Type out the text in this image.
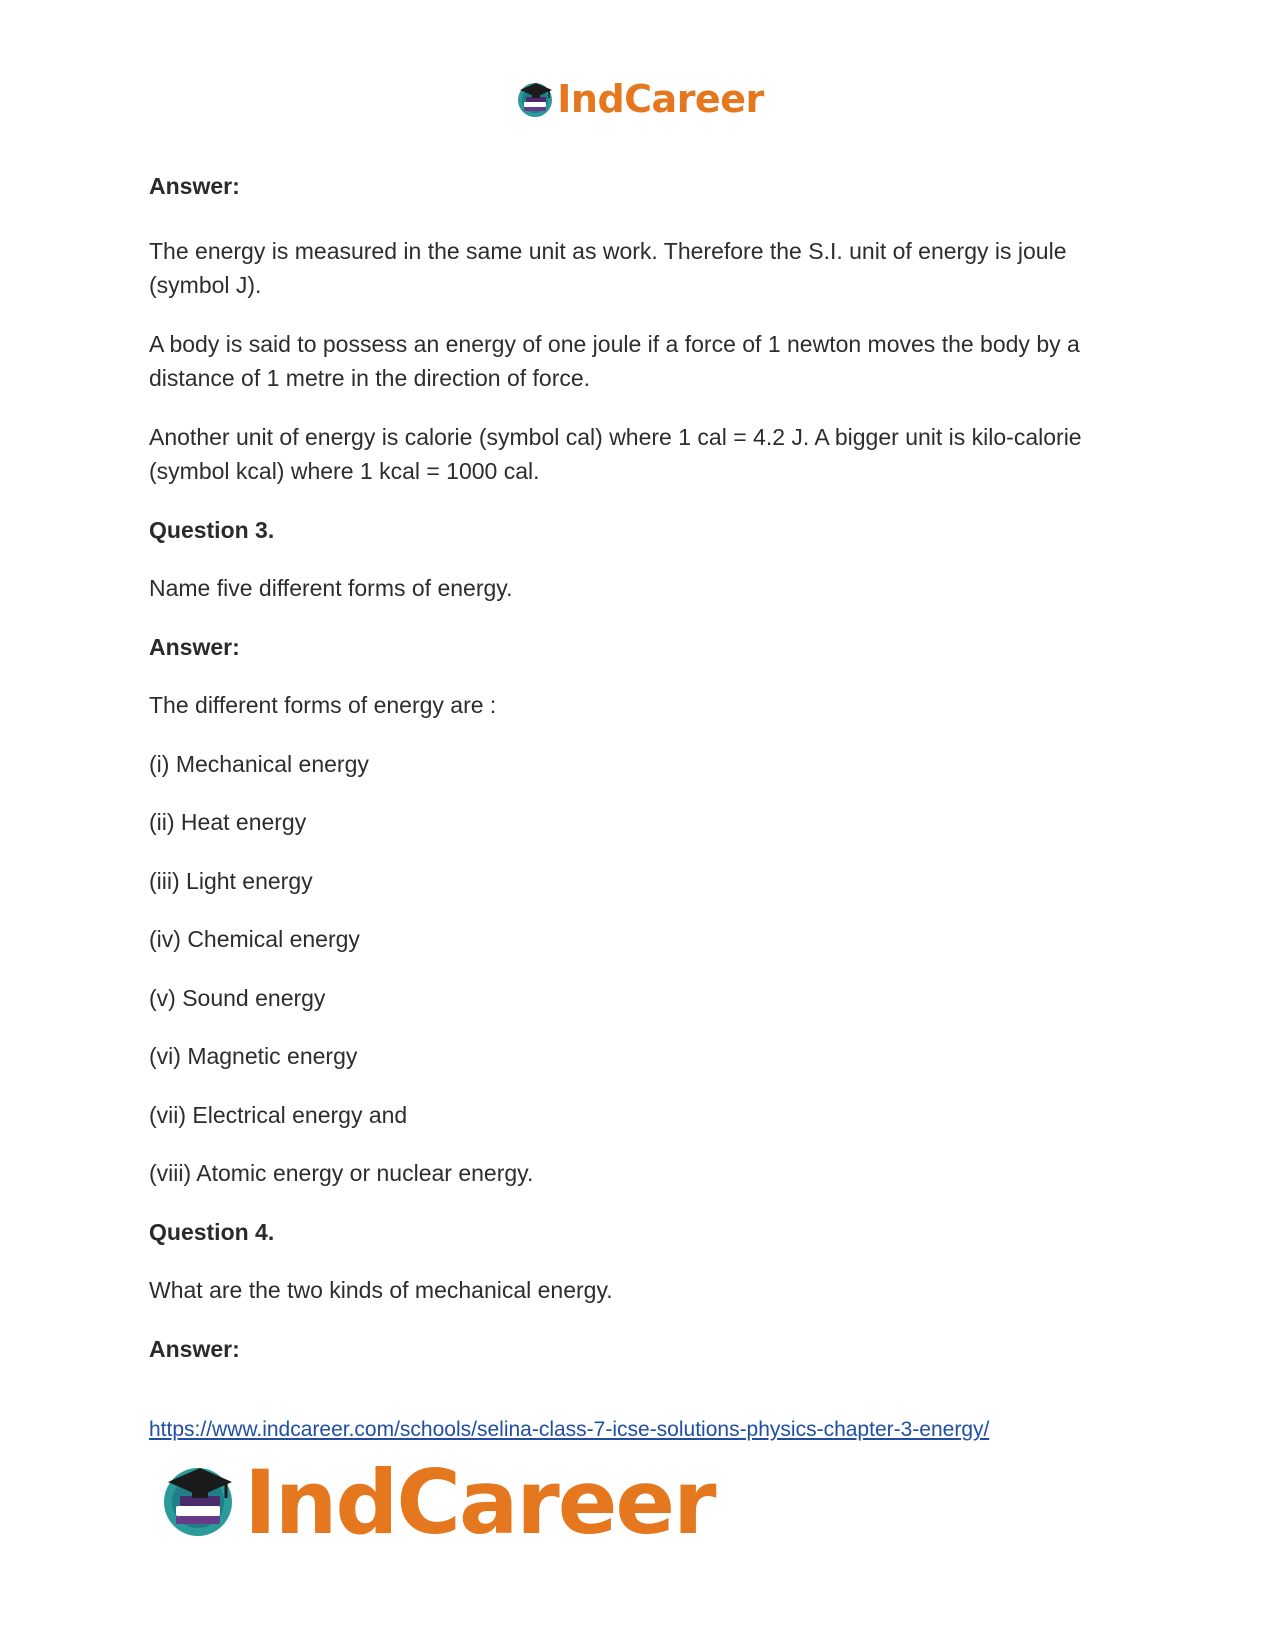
IndCareer
Answer:
The energy is measured in the same unit as work. Therefore the S.I. unit of energy is joule (symbol J).
A body is said to possess an energy of one joule if a force of 1 newton moves the body by a distance of 1 metre in the direction of force.
Another unit of energy is calorie (symbol cal) where 1 cal = 4.2 J. A bigger unit is kilo-calorie (symbol kcal) where 1 kcal = 1000 cal.
Question 3.
Name five different forms of energy.
Answer:
The different forms of energy are :
(i) Mechanical energy
(ii) Heat energy
(iii) Light energy
(iv) Chemical energy
(v) Sound energy
(vi) Magnetic energy
(vii) Electrical energy and
(viii) Atomic energy or nuclear energy.
Question 4.
What are the two kinds of mechanical energy.
Answer:
https://www.indcareer.com/schools/selina-class-7-icse-solutions-physics-chapter-3-energy/
IndCareer
